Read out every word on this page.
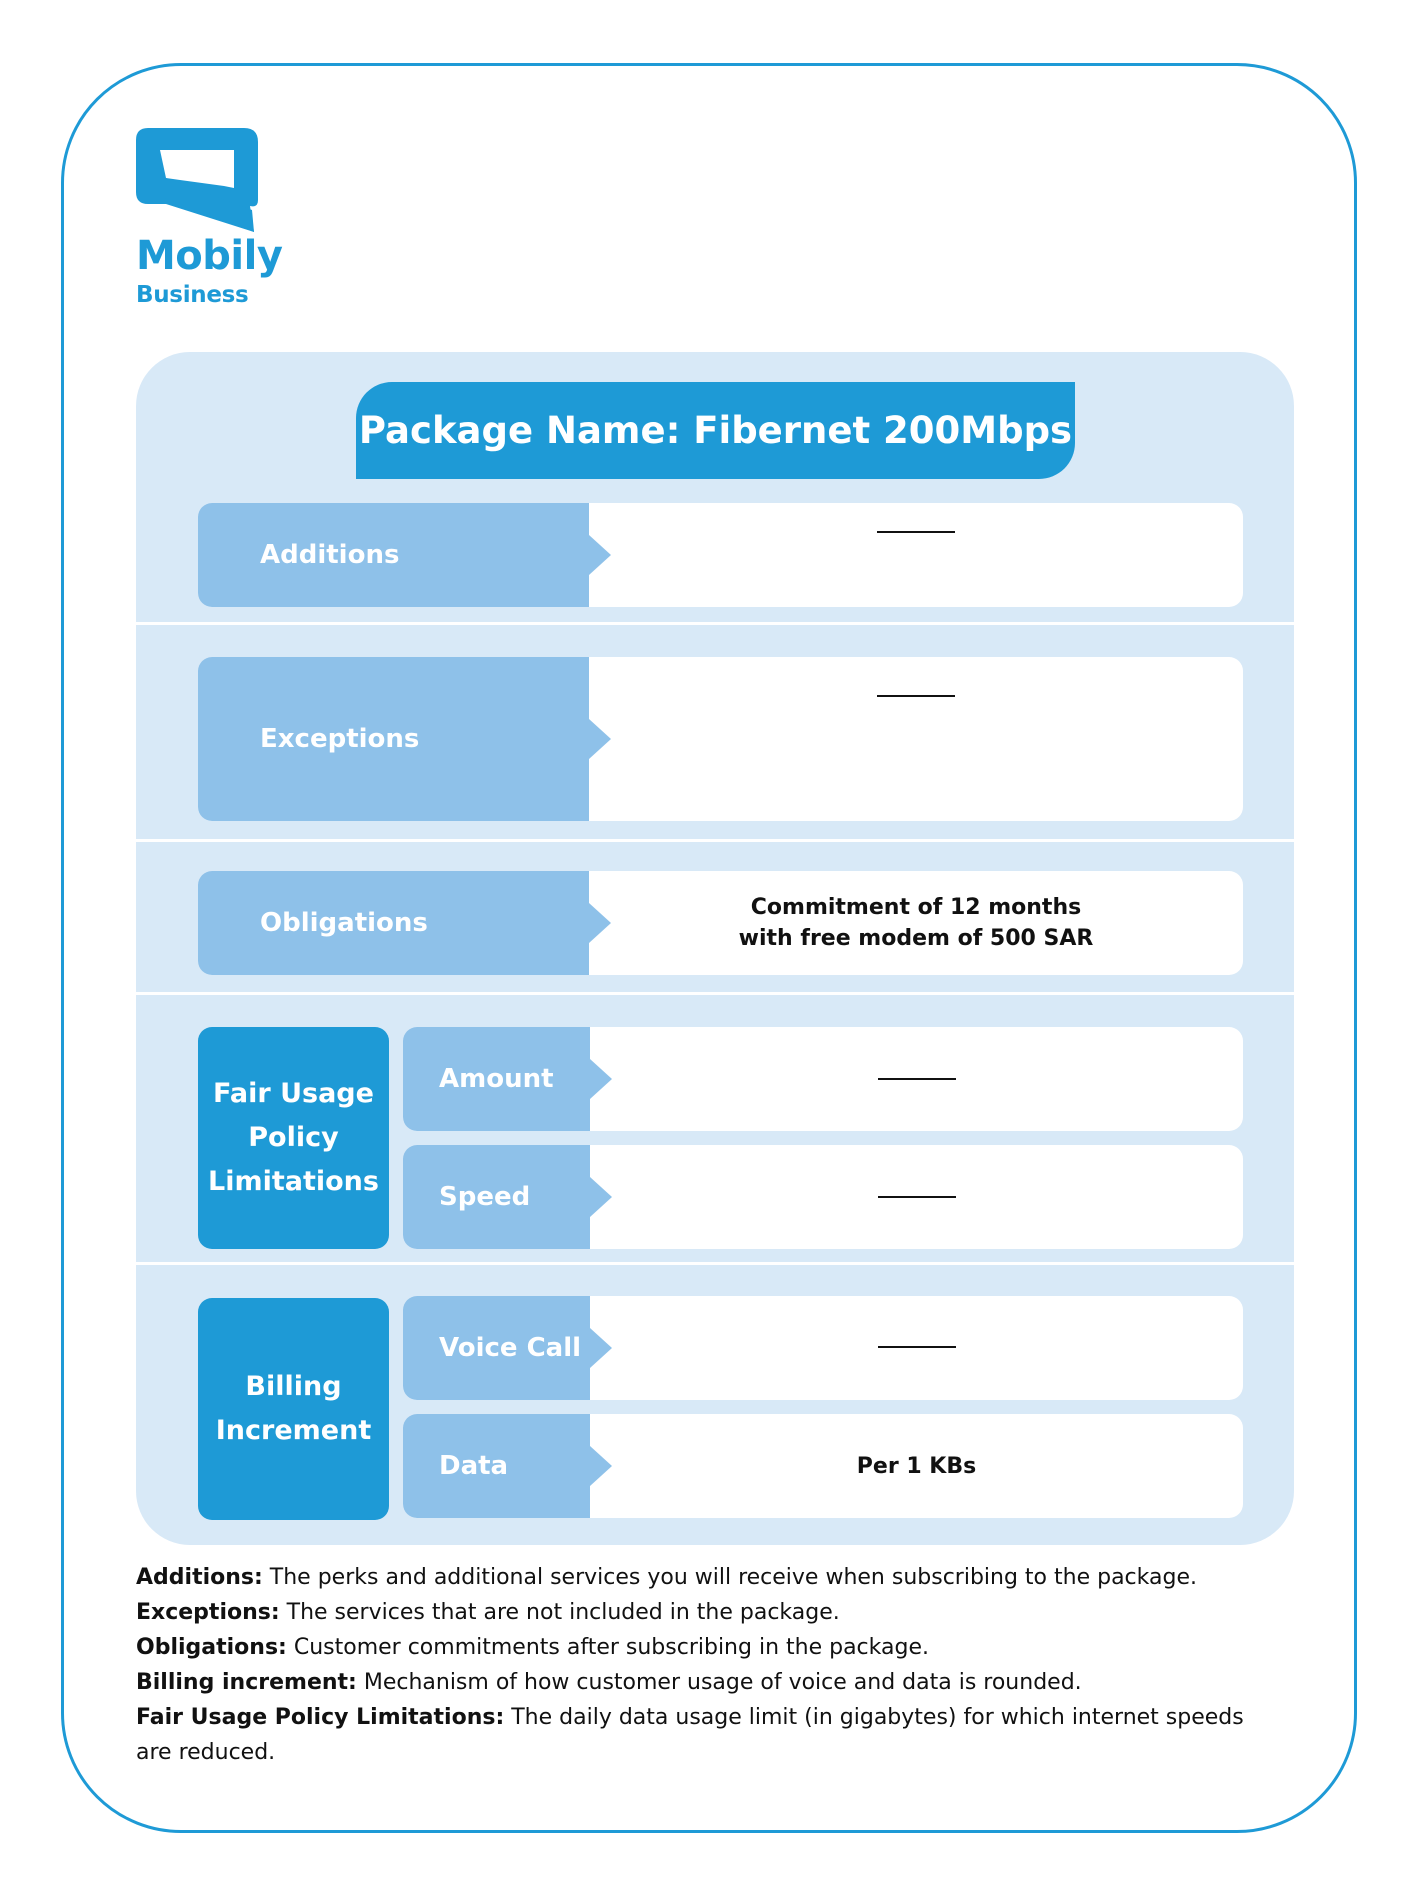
Mobily
Business
Package Name: Fibernet 200Mbps
Additions
Exceptions
Obligations
Commitment of 12 months
with free modem of 500 SAR
Fair Usage
Policy
Limitations
Amount
Speed
Billing
Increment
Voice Call
Data	Per 1 KBs

Additions: The perks and additional services you will receive when subscribing to the package.

Exceptions: The services that are not included in the package.

Obligations: Customer commitments after subscribing in the package.

Billing increment: Mechanism of how customer usage of voice and data is rounded.

Fair Usage Policy Limitations: The daily data usage limit (in gigabytes) for which internet speeds are reduced.
